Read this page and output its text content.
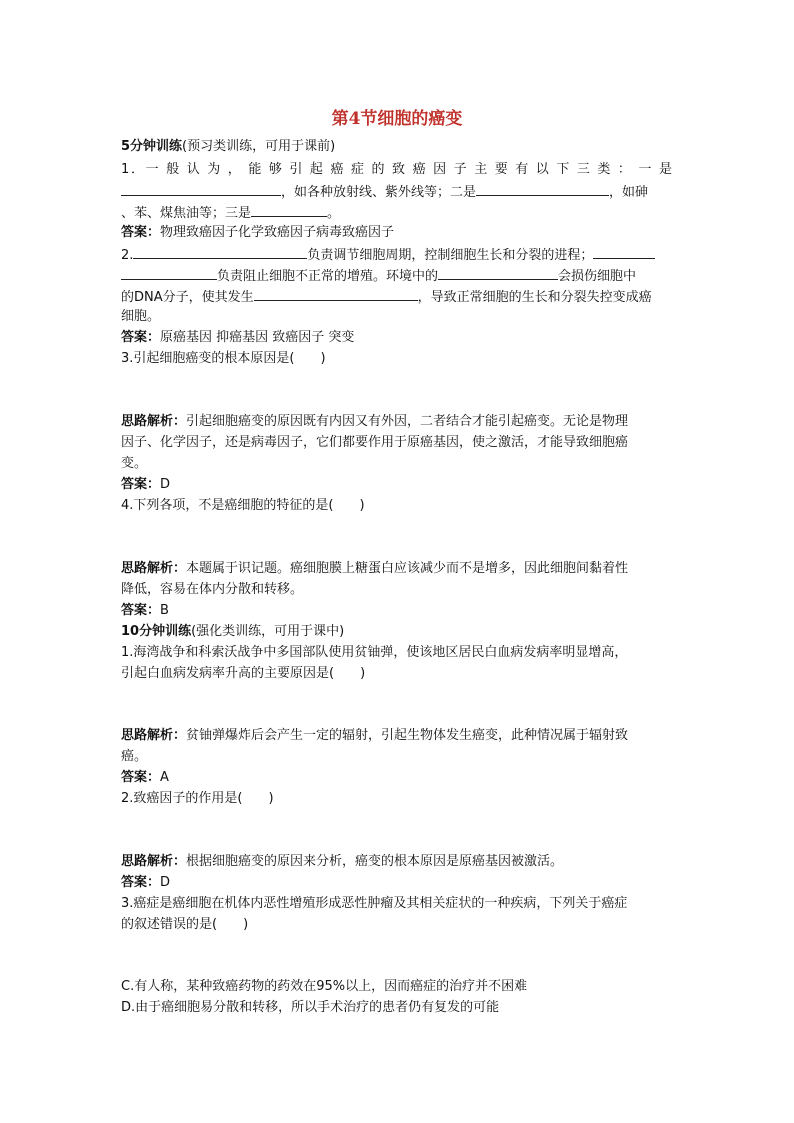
第4节细胞的癌变
5分钟训练(预习类训练，可用于课前)
1．一 般 认 为 ， 能 够 引 起 癌 症 的 致 癌 因 子 主 要 有 以 下 三 类 ： 一 是
，如各种放射线、紫外线等；二是	，如砷
、苯、煤焦油等；三是	。
答案：物理致癌因子化学致癌因子病毒致癌因子
2.	负责调节细胞周期，控制细胞生长和分裂的进程；
负责阻止细胞不正常的增殖。环境中的	会损伤细胞中
的DNA分子，使其发生	，导致正常细胞的生长和分裂失控变成癌
细胞。
答案：原癌基因 抑癌基因 致癌因子 突变
3.引起细胞癌变的根本原因是(　　)
思路解析：引起细胞癌变的原因既有内因又有外因，二者结合才能引起癌变。无论是物理
因子、化学因子，还是病毒因子，它们都要作用于原癌基因，使之激活，才能导致细胞癌
变。
答案：D
4.下列各项，不是癌细胞的特征的是(　　)
思路解析：本题属于识记题。癌细胞膜上糖蛋白应该减少而不是增多，因此细胞间黏着性
降低，容易在体内分散和转移。
答案：B
10分钟训练(强化类训练，可用于课中)
1.海湾战争和科索沃战争中多国部队使用贫铀弹，使该地区居民白血病发病率明显增高，
引起白血病发病率升高的主要原因是(　　)
思路解析：贫铀弹爆炸后会产生一定的辐射，引起生物体发生癌变，此种情况属于辐射致
癌。
答案：A
2.致癌因子的作用是(　　)
思路解析：根据细胞癌变的原因来分析，癌变的根本原因是原癌基因被激活。
答案：D
3.癌症是癌细胞在机体内恶性增殖形成恶性肿瘤及其相关症状的一种疾病，下列关于癌症
的叙述错误的是(　　)
C.有人称，某种致癌药物的药效在95%以上，因而癌症的治疗并不困难
D.由于癌细胞易分散和转移，所以手术治疗的患者仍有复发的可能
